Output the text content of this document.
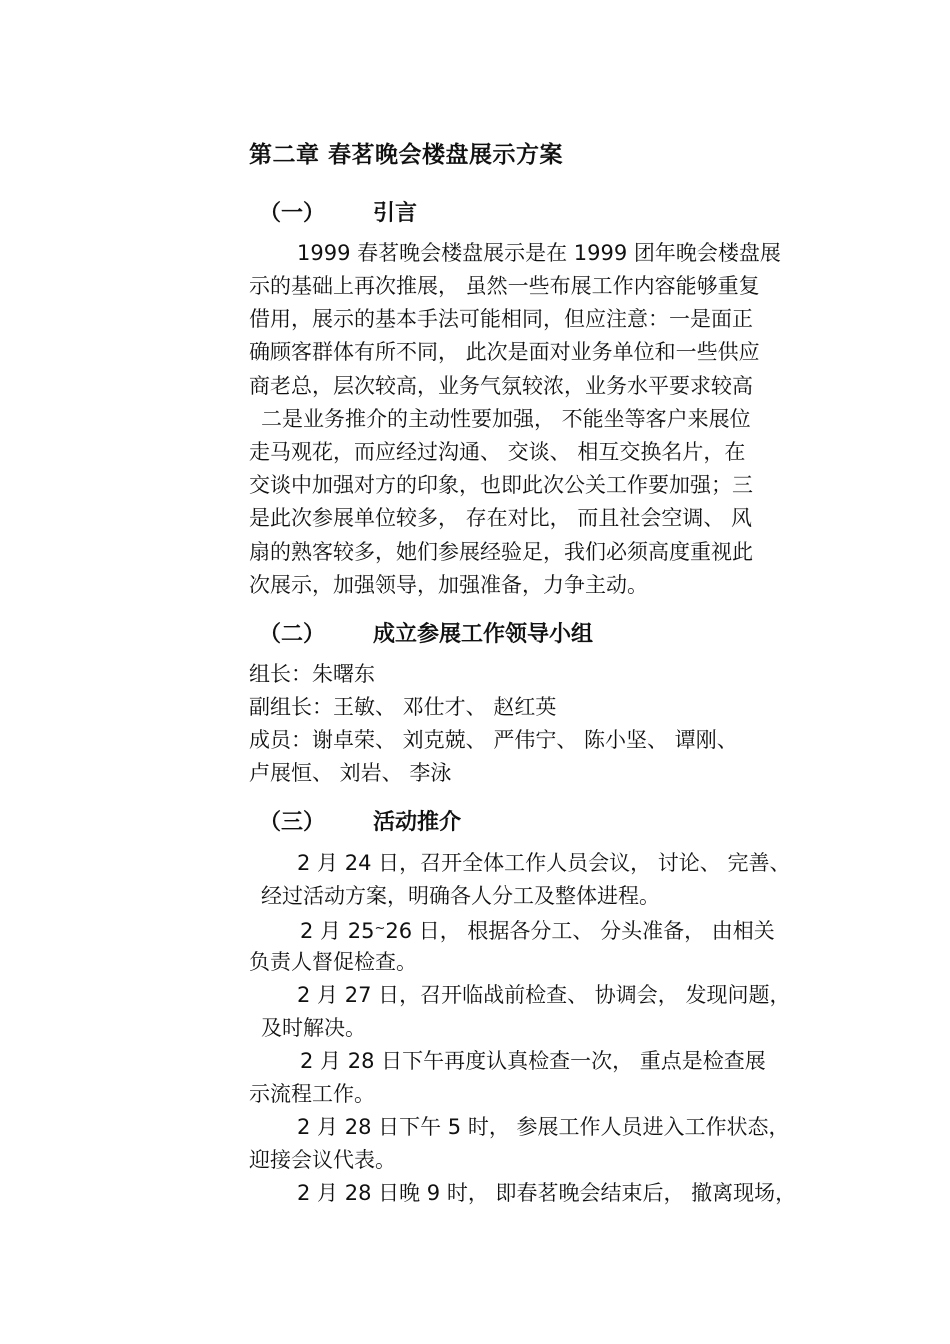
第二章 春茗晚会楼盘展示方案
（一） 引言
1999 春茗晚会楼盘展示是在 1999 团年晚会楼盘展
示的基础上再次推展， 虽然一些布展工作内容能够重复
借用，展示的基本手法可能相同，但应注意：一是面正
确顾客群体有所不同， 此次是面对业务单位和一些供应
商老总，层次较高，业务气氛较浓，业务水平要求较高
二是业务推介的主动性要加强， 不能坐等客户来展位
走马观花，而应经过沟通、 交谈、 相互交换名片，在
交谈中加强对方的印象，也即此次公关工作要加强；三
是此次参展单位较多， 存在对比， 而且社会空调、 风
扇的熟客较多，她们参展经验足，我们必须高度重视此
次展示，加强领导，加强准备，力争主动。
（二） 成立参展工作领导小组
组长：朱曙东
副组长：王敏、 邓仕才、 赵红英
成员：谢卓荣、 刘克兢、 严伟宁、 陈小坚、 谭刚、
卢展恒、 刘岩、 李泳
（三） 活动推介
2 月 24 日，召开全体工作人员会议， 讨论、 完善、
经过活动方案，明确各人分工及整体进程。
2 月 25~26 日， 根据各分工、 分头准备， 由相关
负责人督促检查。
2 月 27 日，召开临战前检查、 协调会， 发现问题，
及时解决。
2 月 28 日下午再度认真检查一次， 重点是检查展
示流程工作。
2 月 28 日下午 5 时， 参展工作人员进入工作状态，
迎接会议代表。
2 月 28 日晚 9 时， 即春茗晚会结束后， 撤离现场，
